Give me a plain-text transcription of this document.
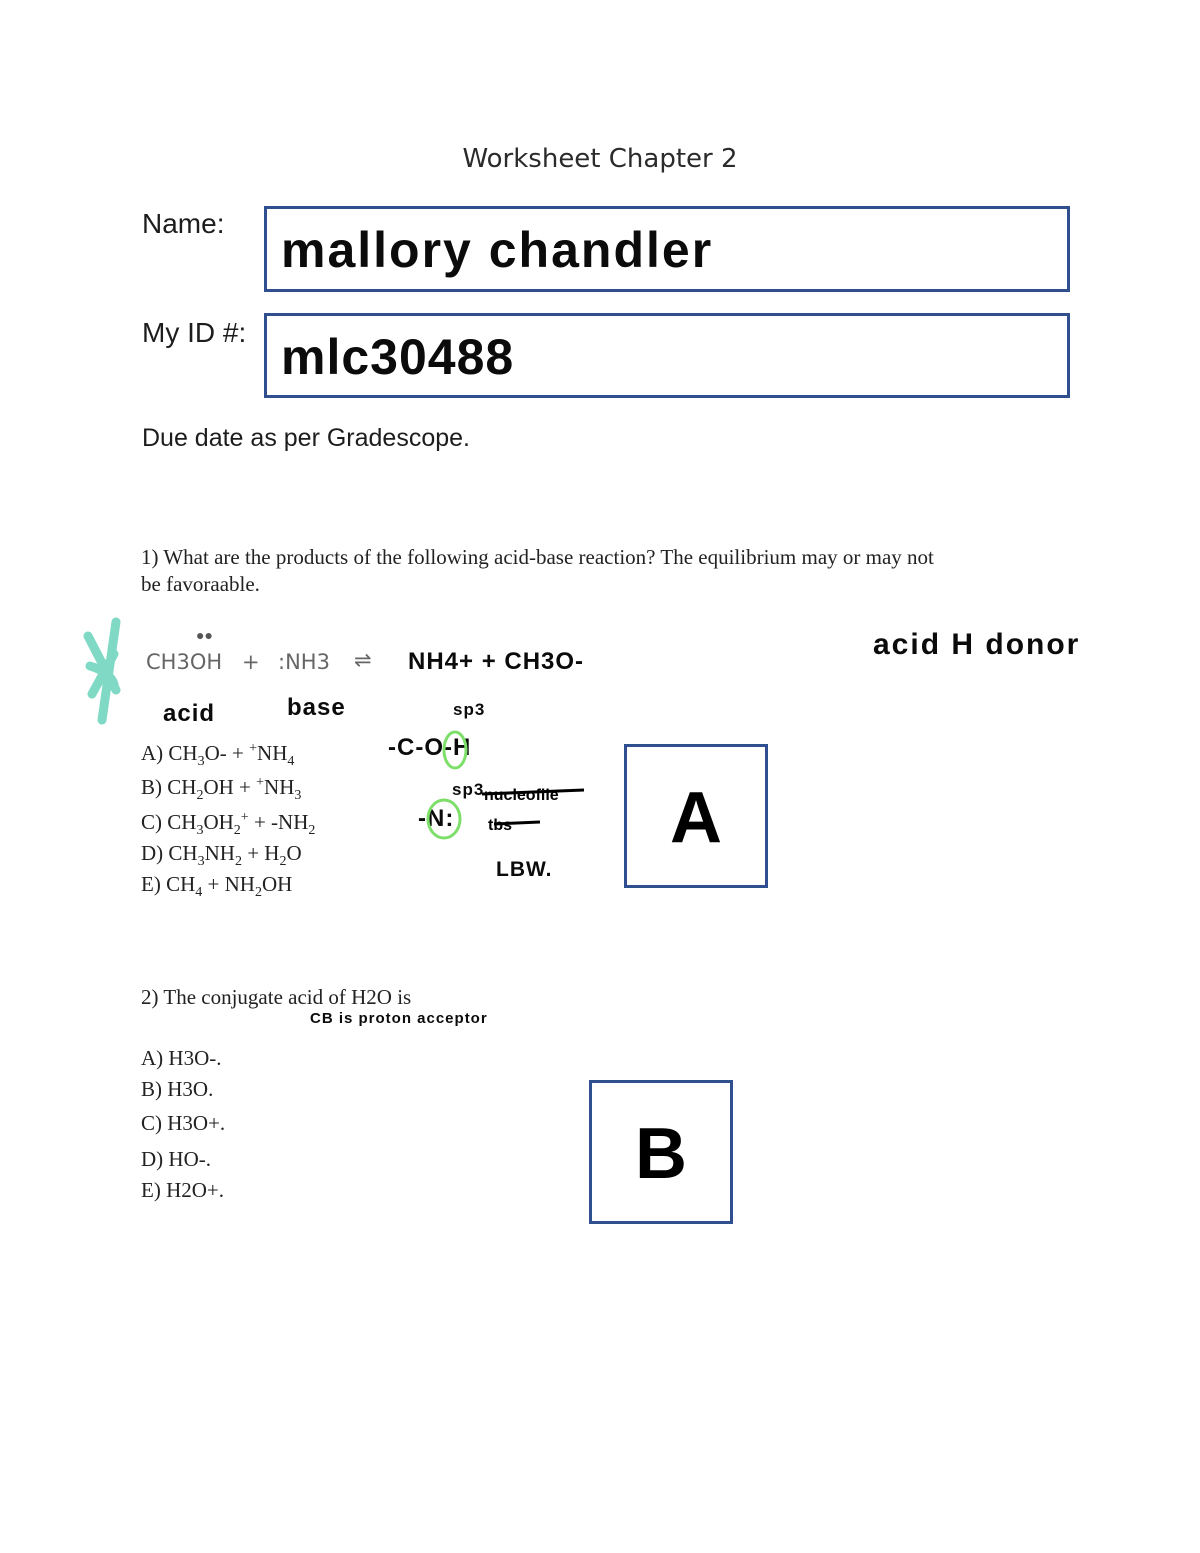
Worksheet Chapter 2
Name: mallory chandler
My ID #: mlc30488
Due date as per Gradescope.
1) What are the products of the following acid-base reaction? The equilibrium may or may not
be favoraable.
CH3OH
●●
+ :NH3 ⇌ NH4+ + CH3O-
acid H donor
acid	base	sp3
-C-O-H
sp3 nucleofile
tbs
-N:
LBW.
A) $CH_3O- + ^+NH_4$
B) $CH_2OH + ^+NH_3$
C) $CH_3OH_2^+ + -NH_2$
D) $CH_3NH_2 + H_2O$
E) $CH_4 + NH_2OH$
A
2) The conjugate acid of H2O is
CB is proton acceptor
A) H3O-.
B) H3O.
C) H3O+.
D) HO-.
E) H2O+.	B
